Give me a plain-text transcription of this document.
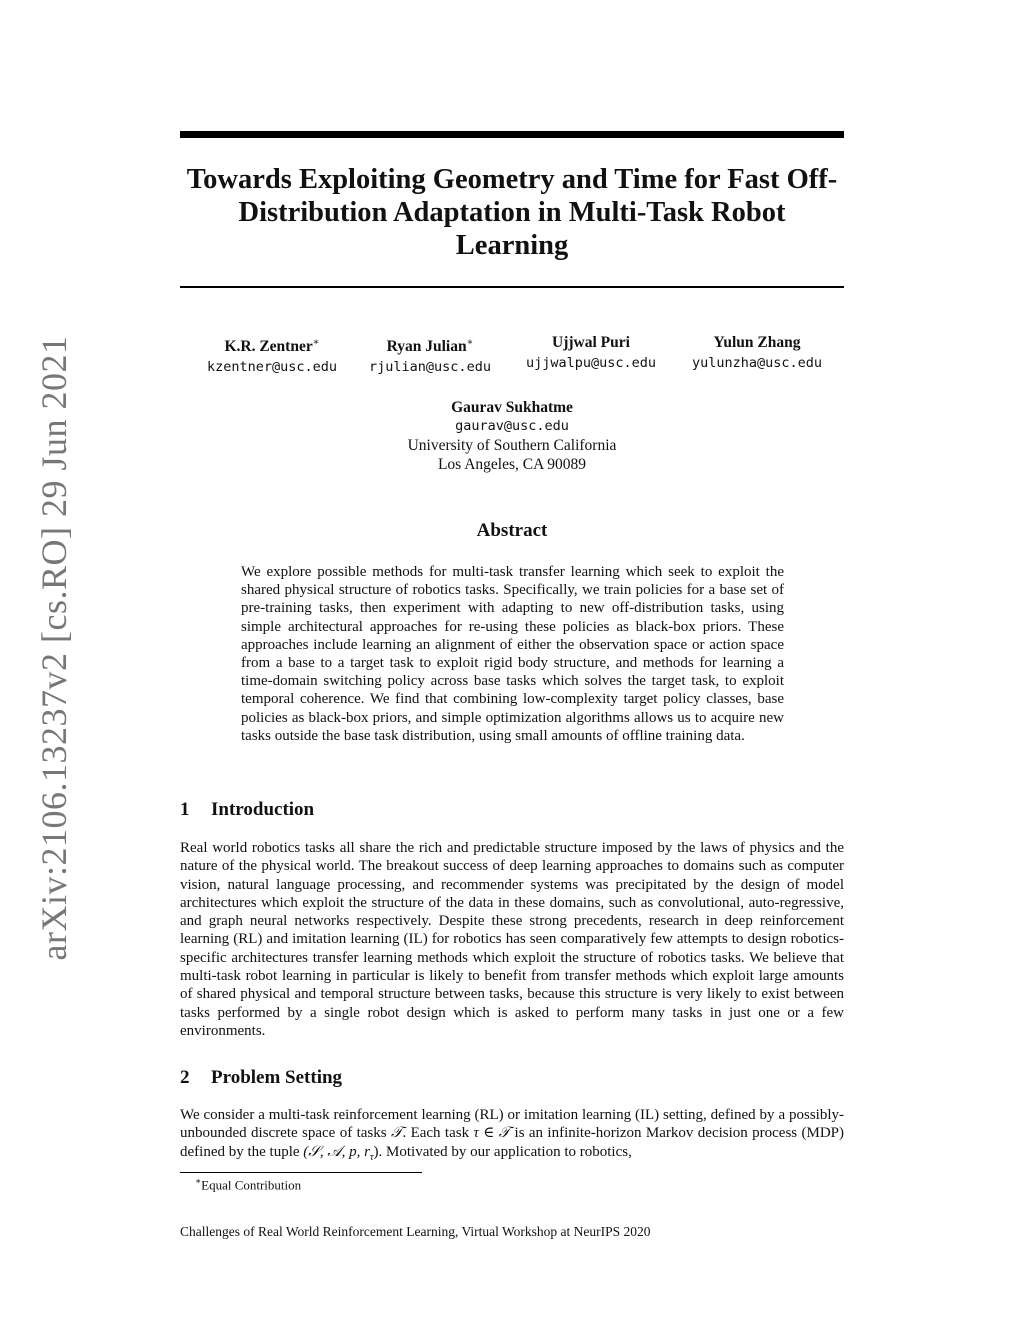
arXiv:2106.13237v2 [cs.RO] 29 Jun 2021
Towards Exploiting Geometry and Time for Fast Off-Distribution Adaptation in Multi-Task Robot Learning
K.R. Zentner∗
kzentner@usc.edu
Ryan Julian∗
rjulian@usc.edu
Ujjwal Puri
ujjwalpu@usc.edu
Yulun Zhang
yulunzha@usc.edu
Gaurav Sukhatme
gaurav@usc.edu
University of Southern California
Los Angeles, CA 90089
Abstract
We explore possible methods for multi-task transfer learning which seek to exploit the shared physical structure of robotics tasks. Specifically, we train policies for a base set of pre-training tasks, then experiment with adapting to new off-distribution tasks, using simple architectural approaches for re-using these policies as black-box priors. These approaches include learning an alignment of either the observation space or action space from a base to a target task to exploit rigid body structure, and methods for learning a time-domain switching policy across base tasks which solves the target task, to exploit temporal coherence. We find that combining low-complexity target policy classes, base policies as black-box priors, and simple optimization algorithms allows us to acquire new tasks outside the base task distribution, using small amounts of offline training data.
1 Introduction
Real world robotics tasks all share the rich and predictable structure imposed by the laws of physics and the nature of the physical world. The breakout success of deep learning approaches to domains such as computer vision, natural language processing, and recommender systems was precipitated by the design of model architectures which exploit the structure of the data in these domains, such as convolutional, auto-regressive, and graph neural networks respectively. Despite these strong precedents, research in deep reinforcement learning (RL) and imitation learning (IL) for robotics has seen comparatively few attempts to design robotics-specific architectures transfer learning methods which exploit the structure of robotics tasks. We believe that multi-task robot learning in particular is likely to benefit from transfer methods which exploit large amounts of shared physical and temporal structure between tasks, because this structure is very likely to exist between tasks performed by a single robot design which is asked to perform many tasks in just one or a few environments.
2 Problem Setting
We consider a multi-task reinforcement learning (RL) or imitation learning (IL) setting, defined by a possibly-unbounded discrete space of tasks 𝒯. Each task τ ∈ 𝒯 is an infinite-horizon Markov decision process (MDP) defined by the tuple (𝒮, 𝒜, p, $r_\tau$). Motivated by our application to robotics,
∗Equal Contribution
Challenges of Real World Reinforcement Learning, Virtual Workshop at NeurIPS 2020
